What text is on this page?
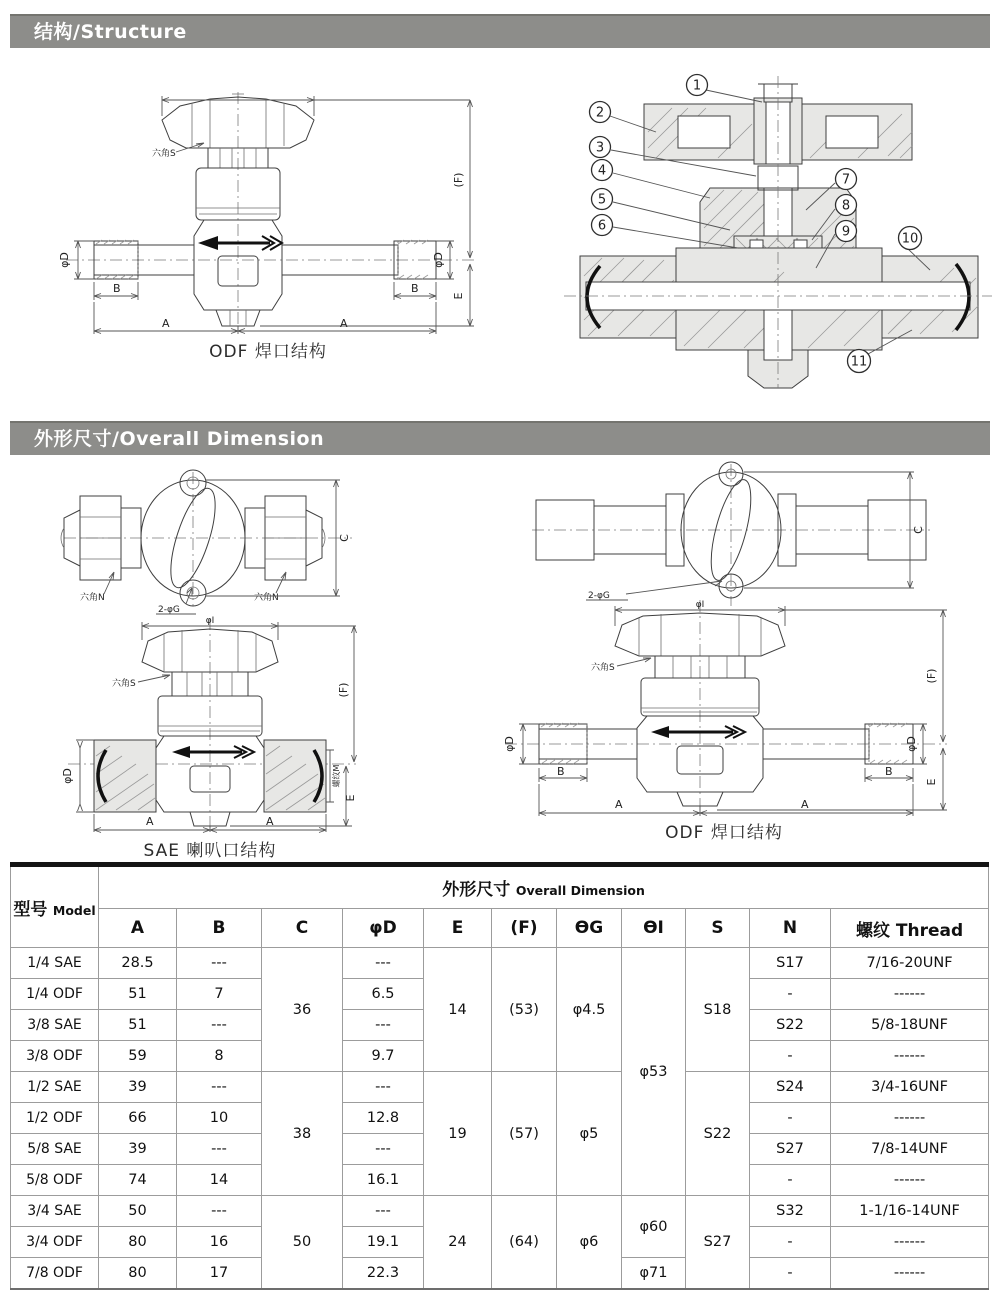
结构/Structure
六角S
(F)
E
φD	φD
B	B
A	A
ODF 焊口结构
1
2
3
4
5
6
7
8
9	10
11
外形尺寸/Overall Dimension
六角N	六角N
2-φG
C
2-φG
C
φI
六角S
φD	螺纹M
E
(F)
A	A
SAE 喇叭口结构
φI
六角S
φD	φD
(F)
E
B	B
A	A
ODF 焊口结构
型号 Model	外形尺寸 Overall Dimension										
	A	B	C	φD	E	(F)	ƟG	ƟI	S	N	螺纹 Thread
1/4 SAE	28.5	---	36	---	14	(53)	φ4.5	φ53	S18	S17	7/16-20UNF
1/4 ODF	51	7		6.5						-	------
3/8 SAE	51	---		---						S22	5/8-18UNF
3/8 ODF	59	8		9.7						-	------
1/2 SAE	39	---	38	---	19	(57)	φ5		S22	S24	3/4-16UNF
1/2 ODF	66	10		12.8						-	------
5/8 SAE	39	---		---						S27	7/8-14UNF
5/8 ODF	74	14		16.1						-	------
3/4 SAE	50	---	50	---	24	(64)	φ6	φ60	S27	S32	1-1/16-14UNF
3/4 ODF	80	16		19.1						-	------
7/8 ODF	80	17		22.3				φ71		-	------
